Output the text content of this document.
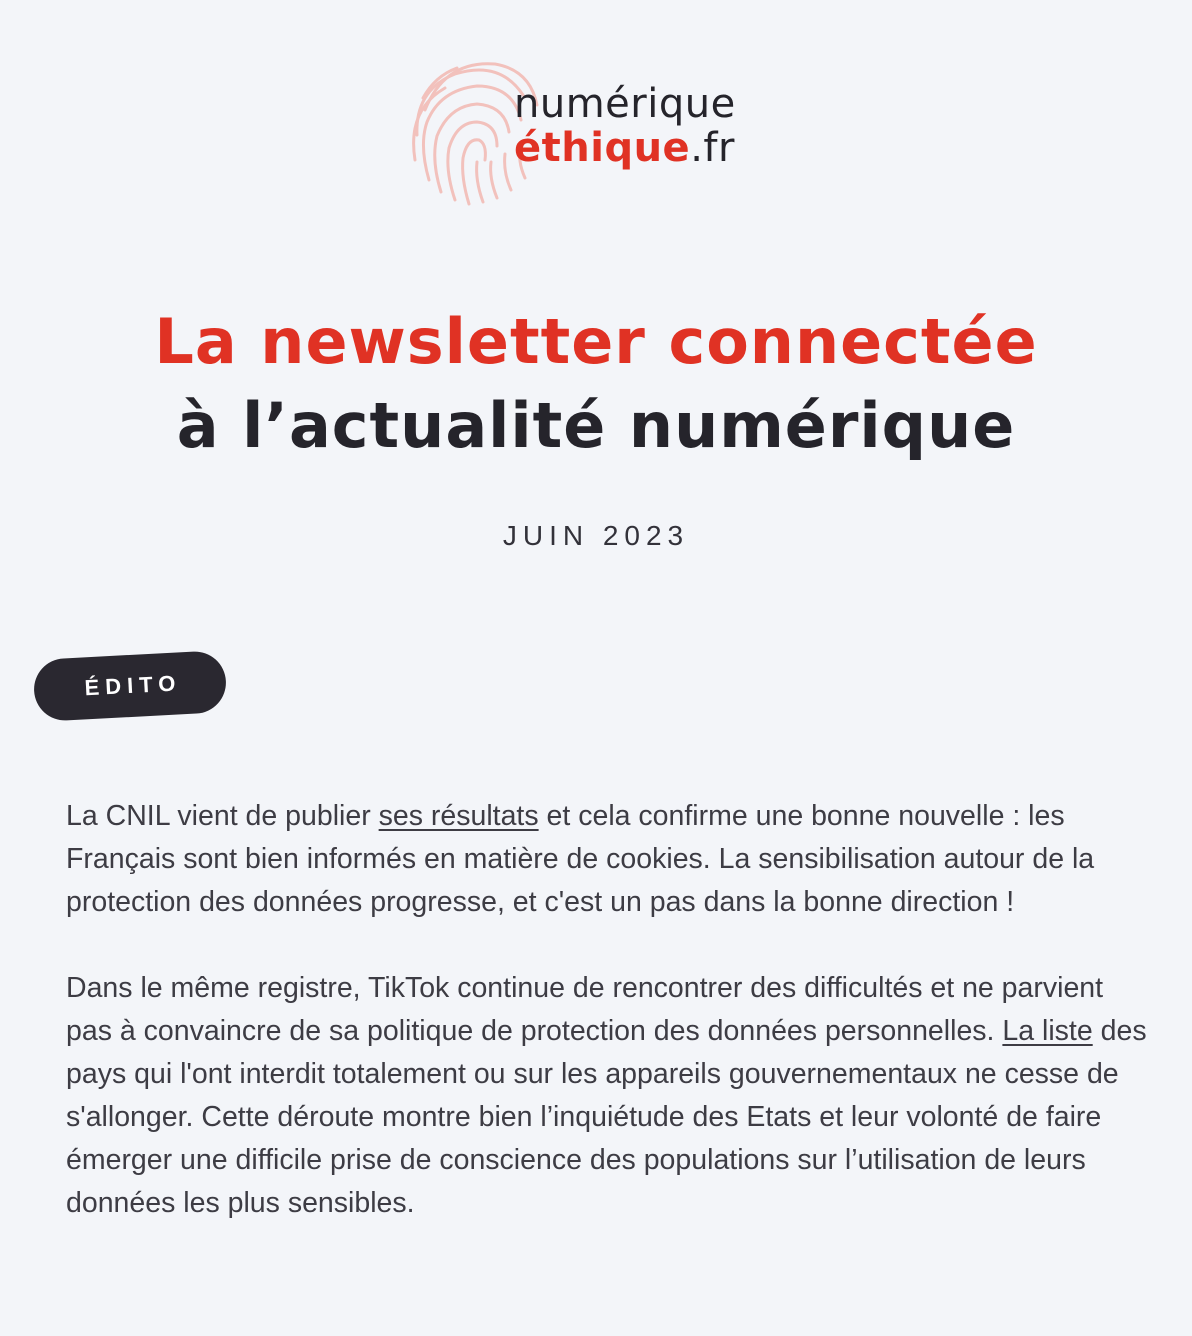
numérique
éthique.fr
La newsletter connectée
à l’actualité numérique
JUIN 2023
ÉDITO

La CNIL vient de publier ses résultats et cela confirme une bonne nouvelle : les Français sont bien informés en matière de cookies. La sensibilisation autour de la protection des données progresse, et c'est un pas dans la bonne direction !

Dans le même registre, TikTok continue de rencontrer des difficultés et ne parvient pas à convaincre de sa politique de protection des données personnelles. La liste des pays qui l'ont interdit totalement ou sur les appareils gouvernementaux ne cesse de s'allonger. Cette déroute montre bien l’inquiétude des Etats et leur volonté de faire émerger une difficile prise de conscience des populations sur l’utilisation de leurs données les plus sensibles.
